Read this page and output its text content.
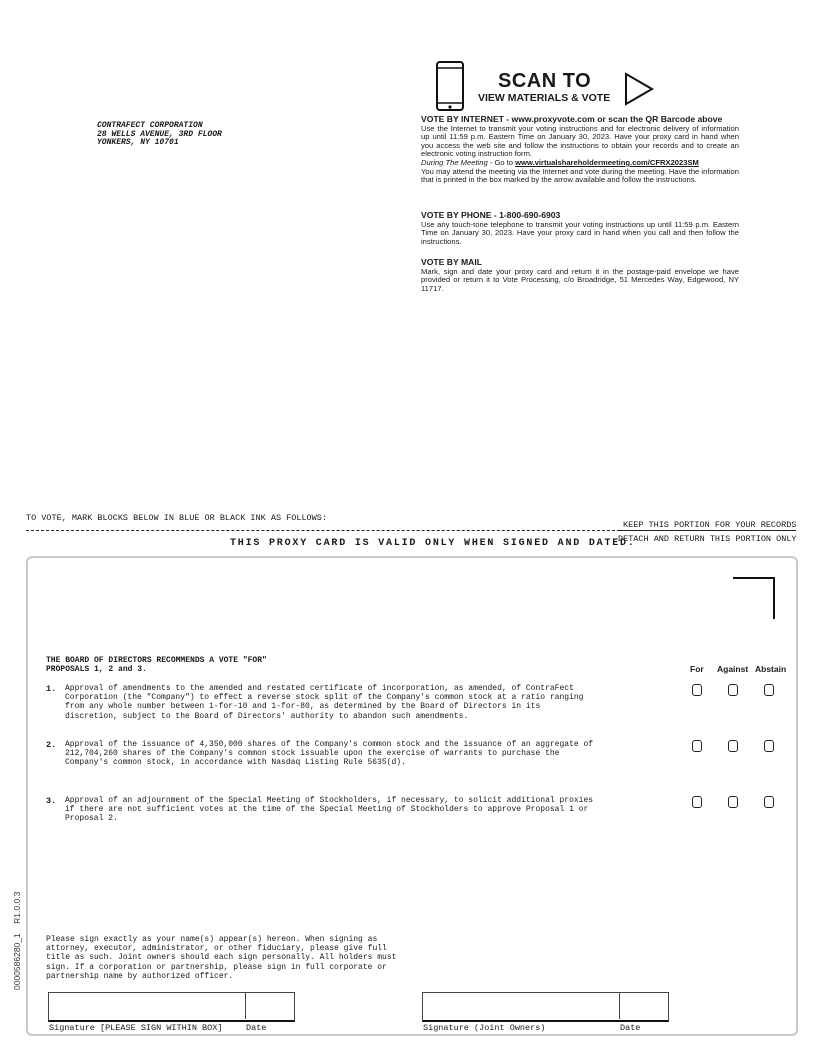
CONTRAFECT CORPORATION
28 WELLS AVENUE, 3RD FLOOR
YONKERS, NY 10701
SCAN TO
VIEW MATERIALS & VOTE
VOTE BY INTERNET - www.proxyvote.com or scan the QR Barcode above

Use the Internet to transmit your voting instructions and for electronic delivery of information up until 11:59 p.m. Eastern Time on January 30, 2023. Have your proxy card in hand when you access the web site and follow the instructions to obtain your records and to create an electronic voting instruction form.

During The Meeting - Go to www.virtualshareholdermeeting.com/CFRX2023SM

You may attend the meeting via the Internet and vote during the meeting. Have the information that is printed in the box marked by the arrow available and follow the instructions.

VOTE BY PHONE - 1-800-690-6903

Use any touch-tone telephone to transmit your voting instructions up until 11:59 p.m. Eastern Time on January 30, 2023. Have your proxy card in hand when you call and then follow the instructions.

VOTE BY MAIL

Mark, sign and date your proxy card and return it in the postage-paid envelope we have provided or return it to Vote Processing, c/o Broadridge, 51 Mercedes Way, Edgewood, NY 11717.

TO VOTE, MARK BLOCKS BELOW IN BLUE OR BLACK INK AS FOLLOWS:
KEEP THIS PORTION FOR YOUR RECORDS
DETACH AND RETURN THIS PORTION ONLY
THIS PROXY CARD IS VALID ONLY WHEN SIGNED AND DATED.
THE BOARD OF DIRECTORS RECOMMENDS A VOTE "FOR"
PROPOSALS 1, 2 and 3.	For Against Abstain
1. Approval of amendments to the amended and restated certificate of incorporation, as amended, of ContraFect
Corporation (the "Company") to effect a reverse stock split of the Company's common stock at a ratio ranging
from any whole number between 1-for-10 and 1-for-80, as determined by the Board of Directors in its
discretion, subject to the Board of Directors' authority to abandon such amendments.
2. Approval of the issuance of 4,350,000 shares of the Company's common stock and the issuance of an aggregate of
212,704,260 shares of the Company's common stock issuable upon the exercise of warrants to purchase the
Company's common stock, in accordance with Nasdaq Listing Rule 5635(d).
3. Approval of an adjournment of the Special Meeting of Stockholders, if necessary, to solicit additional proxies
if there are not sufficient votes at the time of the Special Meeting of Stockholders to approve Proposal 1 or
Proposal 2.
Please sign exactly as your name(s) appear(s) hereon. When signing as
attorney, executor, administrator, or other fiduciary, please give full
title as such. Joint owners should each sign personally. All holders must
sign. If a corporation or partnership, please sign in full corporate or
partnership name by authorized officer.
Signature [PLEASE SIGN WITHIN BOX]	Date	Signature (Joint Owners)	Date
0000586280_1    R1.0.0.3
